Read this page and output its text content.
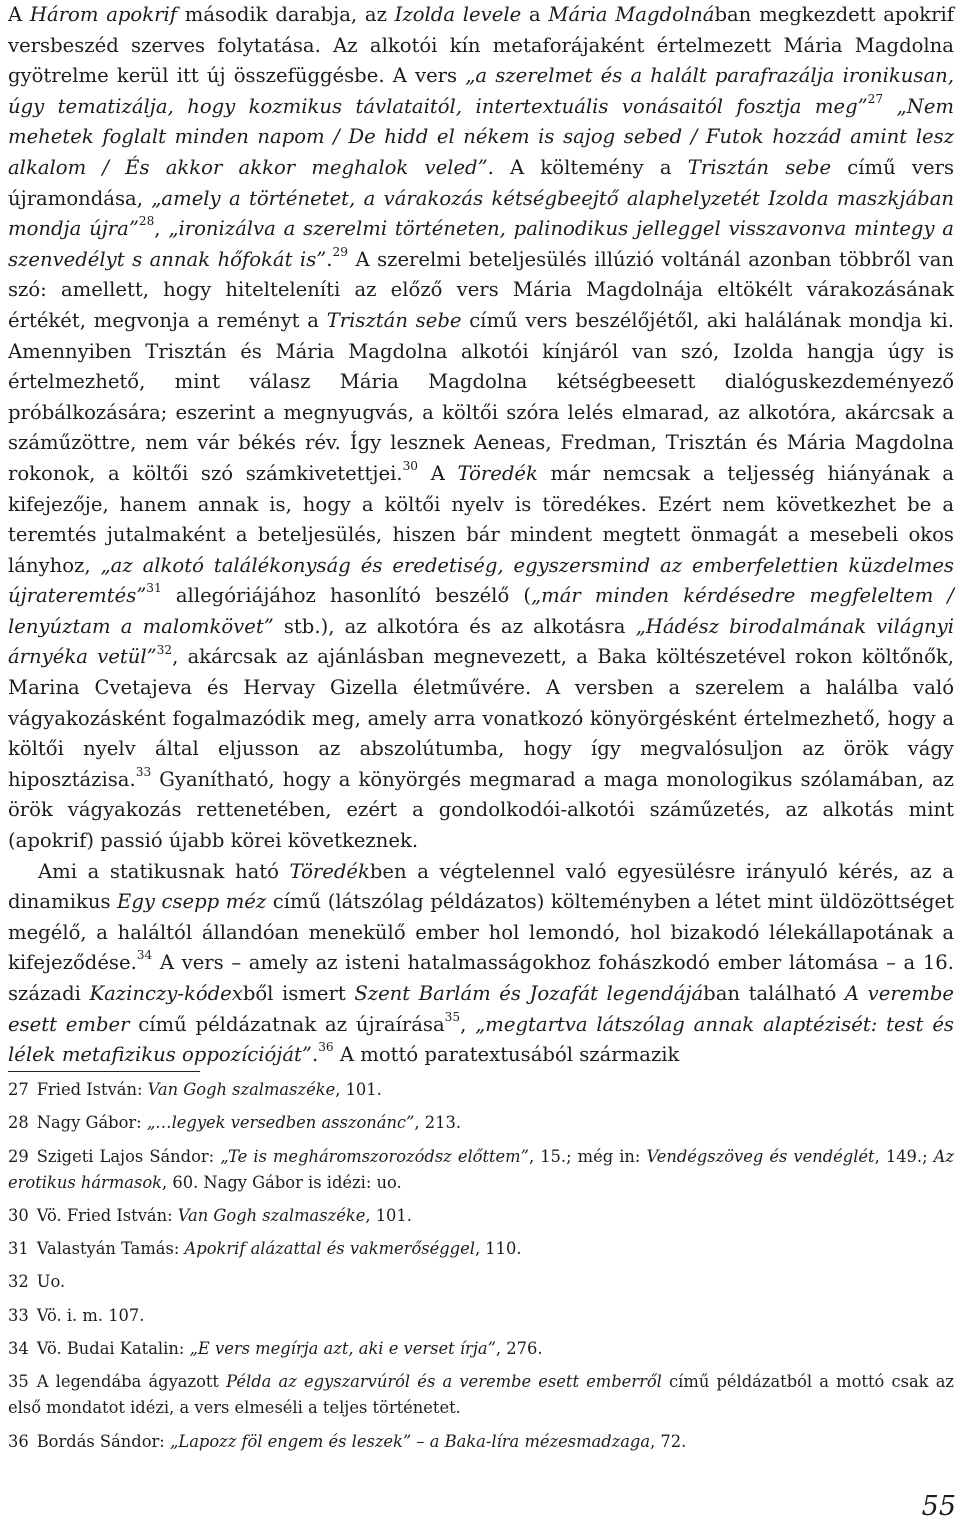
A Három apokrif második darabja, az Izolda levele a Mária Magdolnában megkezdett apokrif versbeszéd szerves folytatása. Az alkotói kín metaforájaként értelmezett Mária Magdolna gyötrelme kerül itt új összefüggésbe. A vers „a szerelmet és a halált parafrazálja ironikusan, úgy tematizálja, hogy kozmikus távlataitól, intertextuális vonásaitól fosztja meg”$^{27}$ „Nem mehetek foglalt minden napom / De hidd el nékem is sajog sebed / Futok hozzád amint lesz alkalom / És akkor akkor meghalok veled”. A költemény a Trisztán sebe című vers újramondása, „amely a történetet, a várakozás kétségbeejtő alaphelyzetét Izolda maszkjában mondja újra”$^{28}$, „ironizálva a szerelmi történeten, palinodikus jelleggel visszavonva mintegy a szenvedélyt s annak hőfokát is”.$^{29}$ A szerelmi beteljesülés illúzió voltánál azonban többről van szó: amellett, hogy hitelteleníti az előző vers Mária Magdolnája eltökélt várakozásának értékét, megvonja a reményt a Trisztán sebe című vers beszélőjétől, aki halálának mondja ki. Amennyiben Trisztán és Mária Magdolna alkotói kínjáról van szó, Izolda hangja úgy is értelmezhető, mint válasz Mária Magdolna kétségbeesett dialóguskezdeményező próbálkozására; eszerint a megnyugvás, a költői szóra lelés elmarad, az alkotóra, akárcsak a száműzöttre, nem vár békés rév. Így lesznek Aeneas, Fredman, Trisztán és Mária Magdolna rokonok, a költői szó számkivetettjei.$^{30}$ A Töredék már nemcsak a teljesség hiányának a kifejezője, hanem annak is, hogy a költői nyelv is töredékes. Ezért nem következhet be a teremtés jutalmaként a beteljesülés, hiszen bár mindent megtett önmagát a mesebeli okos lányhoz, „az alkotó találékonyság és eredetiség, egyszersmind az emberfelettien küzdelmes újrateremtés”$^{31}$ allegóriájához hasonlító beszélő („már minden kérdésedre megfeleltem / lenyúztam a malomkövet” stb.), az alkotóra és az alkotásra „Hádész birodalmának világnyi árnyéka vetül”$^{32}$, akárcsak az ajánlásban megnevezett, a Baka költészetével rokon költőnők, Marina Cvetajeva és Hervay Gizella életművére. A versben a szerelem a halálba való vágyakozásként fogalmazódik meg, amely arra vonatkozó könyörgésként értelmezhető, hogy a költői nyelv által eljusson az abszolútumba, hogy így megvalósuljon az örök vágy hiposztázisa.$^{33}$ Gyanítható, hogy a könyörgés megmarad a maga monologikus szólamában, az örök vágyakozás rettenetében, ezért a gondolkodói-alkotói száműzetés, az alkotás mint (apokrif) passió újabb körei következnek.

Ami a statikusnak ható Töredékben a végtelennel való egyesülésre irányuló kérés, az a dinamikus Egy csepp méz című (látszólag példázatos) költeményben a létet mint üldözöttséget megélő, a haláltól állandóan menekülő ember hol lemondó, hol bizakodó lélekállapotának a kifejeződése.$^{34}$ A vers – amely az isteni hatalmasságokhoz fohászkodó ember látomása – a 16. századi Kazinczy-kódexből ismert Szent Barlám és Jozafát legendájában található A verembe esett ember című példázatnak az újraírása$^{35}$, „megtartva látszólag annak alaptézisét: test és lélek metafizikus oppozícióját”.$^{36}$ A mottó paratextusából származik

27 Fried István: Van Gogh szalmaszéke, 101.
28 Nagy Gábor: „…legyek versedben asszonánc”, 213.
29 Szigeti Lajos Sándor: „Te is megháromszorozódsz előttem”, 15.; még in: Vendégszöveg és vendéglét, 149.; Az erotikus hármasok, 60. Nagy Gábor is idézi: uo.
30 Vö. Fried István: Van Gogh szalmaszéke, 101.
31 Valastyán Tamás: Apokrif alázattal és vakmerőséggel, 110.
32 Uo.
33 Vö. i. m. 107.
34 Vö. Budai Katalin: „E vers megírja azt, aki e verset írja”, 276.
35 A legendába ágyazott Példa az egyszarvúról és a verembe esett emberről című példázatból a mottó csak az első mondatot idézi, a vers elmeséli a teljes történetet.
36 Bordás Sándor: „Lapozz föl engem és leszek” – a Baka-líra mézesmadzaga, 72.
55
